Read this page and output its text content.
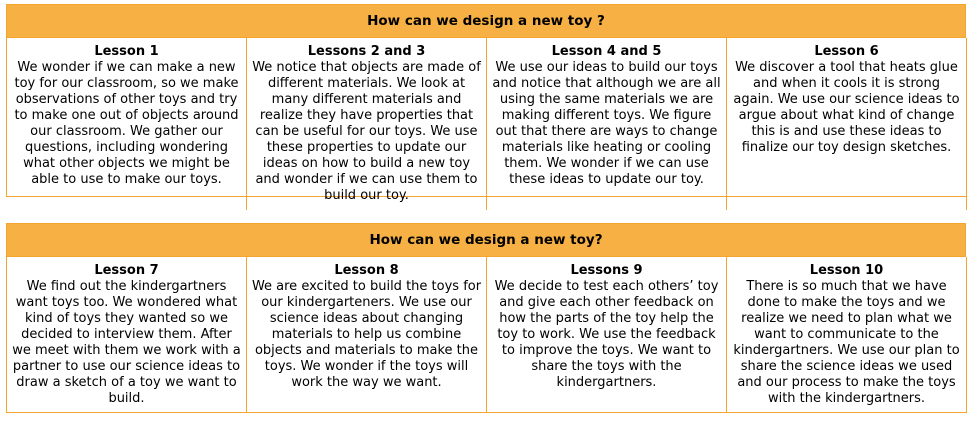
How can we design a new toy ?
Lesson 1
We wonder if we can make a new toy for our classroom, so we make observations of other toys and try to make one out of objects around our classroom. We gather our questions, including wondering what other objects we might be able to use to make our toys.
Lessons 2 and 3
We notice that objects are made of different materials. We look at many different materials and realize they have properties that can be useful for our toys. We use these properties to update our ideas on how to build a new toy and wonder if we can use them to build our toy.
Lesson 4 and 5
We use our ideas to build our toys and notice that although we are all using the same materials we are making different toys. We figure out that there are ways to change materials like heating or cooling them. We wonder if we can use these ideas to update our toy.
Lesson 6
We discover a tool that heats glue and when it cools it is strong again. We use our science ideas to argue about what kind of change this is and use these ideas to finalize our toy design sketches.
How can we design a new toy?
Lesson 7
We find out the kindergartners want toys too. We wondered what kind of toys they wanted so we decided to interview them. After we meet with them we work with a partner to use our science ideas to draw a sketch of a toy we want to build.
Lesson 8
We are excited to build the toys for our kindergarteners. We use our science ideas about changing materials to help us combine objects and materials to make the toys. We wonder if the toys will work the way we want.
Lessons 9
We decide to test each others’ toy and give each other feedback on how the parts of the toy help the toy to work. We use the feedback to improve the toys. We want to share the toys with the kindergartners.
Lesson 10
There is so much that we have done to make the toys and we realize we need to plan what we want to communicate to the kindergartners. We use our plan to share the science ideas we used and our process to make the toys with the kindergartners.
